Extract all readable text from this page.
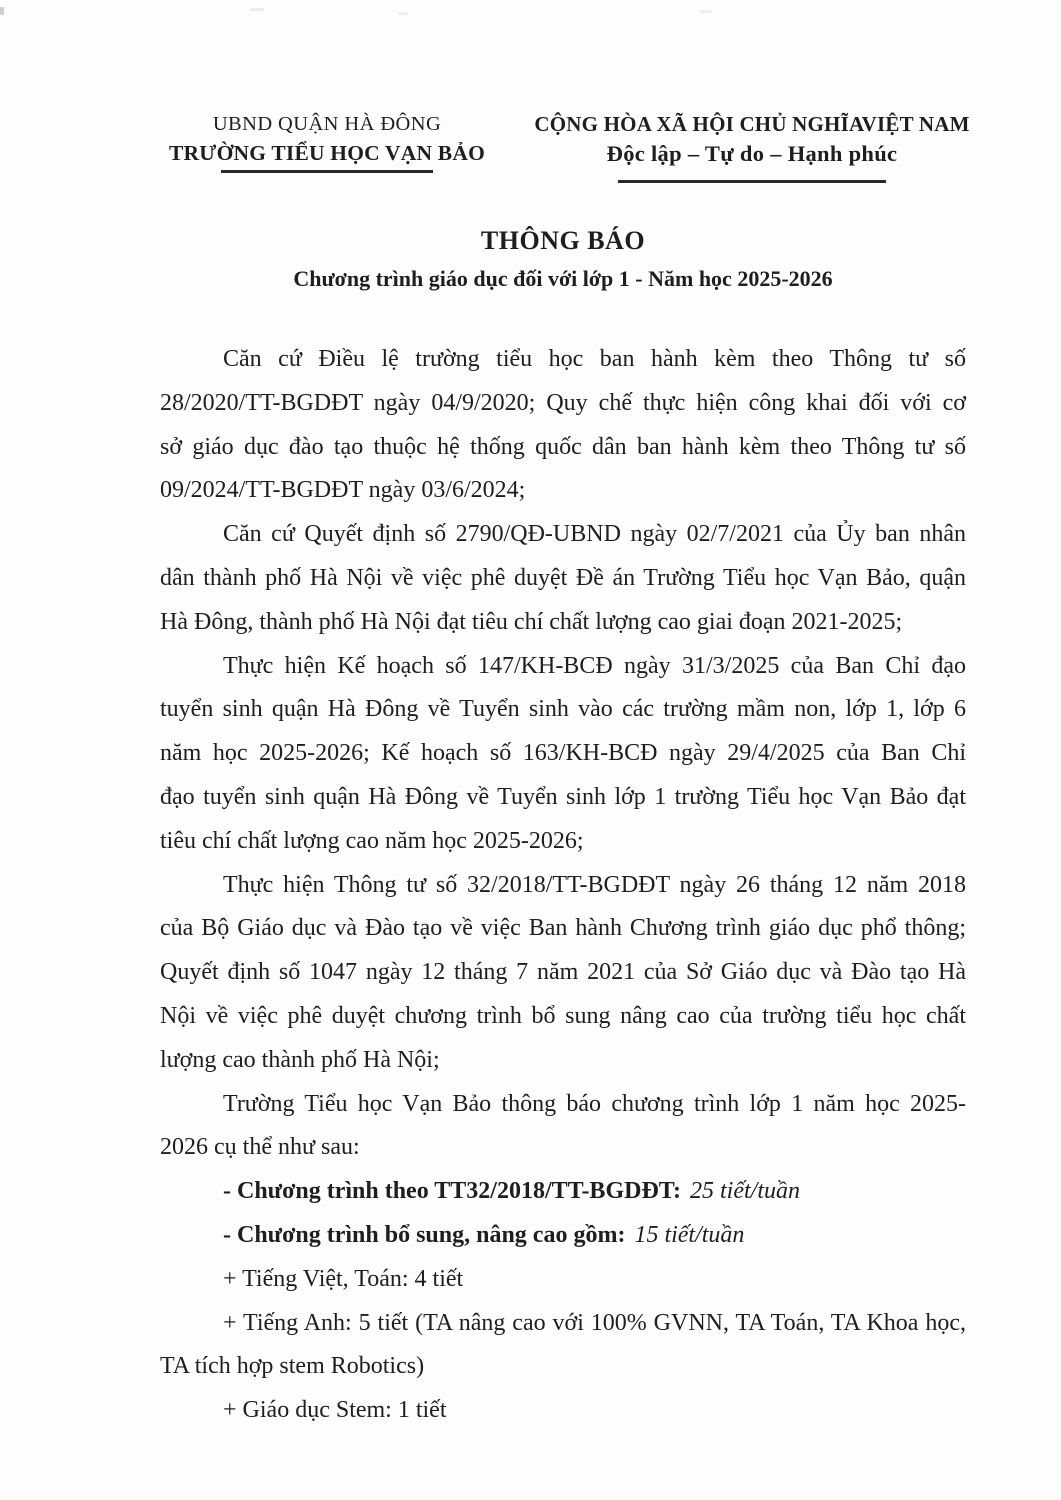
UBND QUẬN HÀ ĐÔNG
TRƯỜNG TIỂU HỌC VẠN BẢO
CỘNG HÒA XÃ HỘI CHỦ NGHĨAVIỆT NAM
Độc lập – Tự do – Hạnh phúc
THÔNG BÁO
Chương trình giáo dục đối với lớp 1 - Năm học 2025-2026
Căn cứ Điều lệ trường tiểu học ban hành kèm theo Thông tư số
28/2020/TT-BGDĐT ngày 04/9/2020; Quy chế thực hiện công khai đối với cơ
sở giáo dục đào tạo thuộc hệ thống quốc dân ban hành kèm theo Thông tư số
09/2024/TT-BGDĐT ngày 03/6/2024;
Căn cứ Quyết định số 2790/QĐ-UBND ngày 02/7/2021 của Ủy ban nhân
dân thành phố Hà Nội về việc phê duyệt Đề án Trường Tiểu học Vạn Bảo, quận
Hà Đông, thành phố Hà Nội đạt tiêu chí chất lượng cao giai đoạn 2021-2025;
Thực hiện Kế hoạch số 147/KH-BCĐ ngày 31/3/2025 của Ban Chỉ đạo
tuyển sinh quận Hà Đông về Tuyển sinh vào các trường mầm non, lớp 1, lớp 6
năm học 2025-2026; Kế hoạch số 163/KH-BCĐ ngày 29/4/2025 của Ban Chỉ
đạo tuyển sinh quận Hà Đông về Tuyển sinh lớp 1 trường Tiểu học Vạn Bảo đạt
tiêu chí chất lượng cao năm học 2025-2026;
Thực hiện Thông tư số 32/2018/TT-BGDĐT ngày 26 tháng 12 năm 2018
của Bộ Giáo dục và Đào tạo về việc Ban hành Chương trình giáo dục phổ thông;
Quyết định số 1047 ngày 12 tháng 7 năm 2021 của Sở Giáo dục và Đào tạo Hà
Nội về việc phê duyệt chương trình bổ sung nâng cao của trường tiểu học chất
lượng cao thành phố Hà Nội;
Trường Tiểu học Vạn Bảo thông báo chương trình lớp 1 năm học 2025-
2026 cụ thể như sau:
- Chương trình theo TT32/2018/TT-BGDĐT: 25 tiết/tuần
- Chương trình bổ sung, nâng cao gồm: 15 tiết/tuần
+ Tiếng Việt, Toán: 4 tiết
+ Tiếng Anh: 5 tiết (TA nâng cao với 100% GVNN, TA Toán, TA Khoa học,
TA tích hợp stem Robotics)
+ Giáo dục Stem: 1 tiết
